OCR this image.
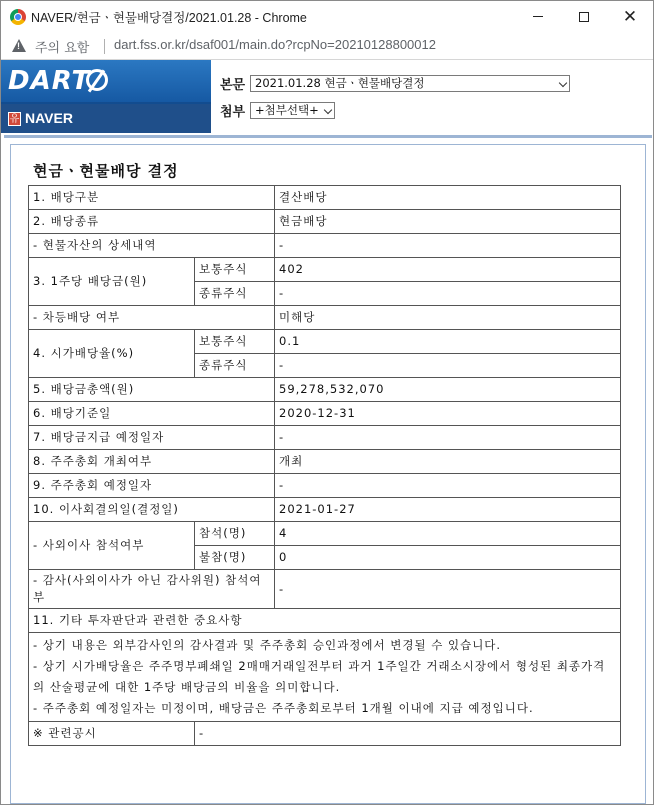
NAVER/현금ㆍ현물배당결정/2021.01.28 - Chrome	✕
!
주의 요함 dart.fss.or.kr/dsaf001/main.do?rcpNo=20210128800012
DART
유 NAVER
본문 2021.01.28 현금ㆍ현물배당결정
첨부 +첨부선택+
현금ㆍ현물배당 결정
1. 배당구분		결산배당
2. 배당종류		현금배당
- 현물자산의 상세내역		-
3. 1주당 배당금(원)	보통주식	402
	종류주식	-
- 차등배당 여부		미해당
4. 시가배당율(%)	보통주식	0.1
	종류주식	-
5. 배당금총액(원)		59,278,532,070
6. 배당기준일		2020-12-31
7. 배당금지급 예정일자		-
8. 주주총회 개최여부		개최
9. 주주총회 예정일자		-
10. 이사회결의일(결정일)		2021-01-27
- 사외이사 참석여부	참석(명)	4
	불참(명)	0
- 감사(사외이사가 아닌 감사위원) 참석여부		-
11. 기타 투자판단과 관련한 중요사항		

- 상기 내용은 외부감사인의 감사결과 및 주주총회 승인과정에서 변경될 수 있습니다.
- 상기 시가배당율은 주주명부폐쇄일 2매매거래일전부터 과거 1주일간 거래소시장에서 형성된 최종가격의 산술평균에 대한 1주당 배당금의 비율을 의미합니다.
- 주주총회 예정일자는 미정이며, 배당금은 주주총회로부터 1개월 이내에 지급 예정입니다.		

※ 관련공시	-	
